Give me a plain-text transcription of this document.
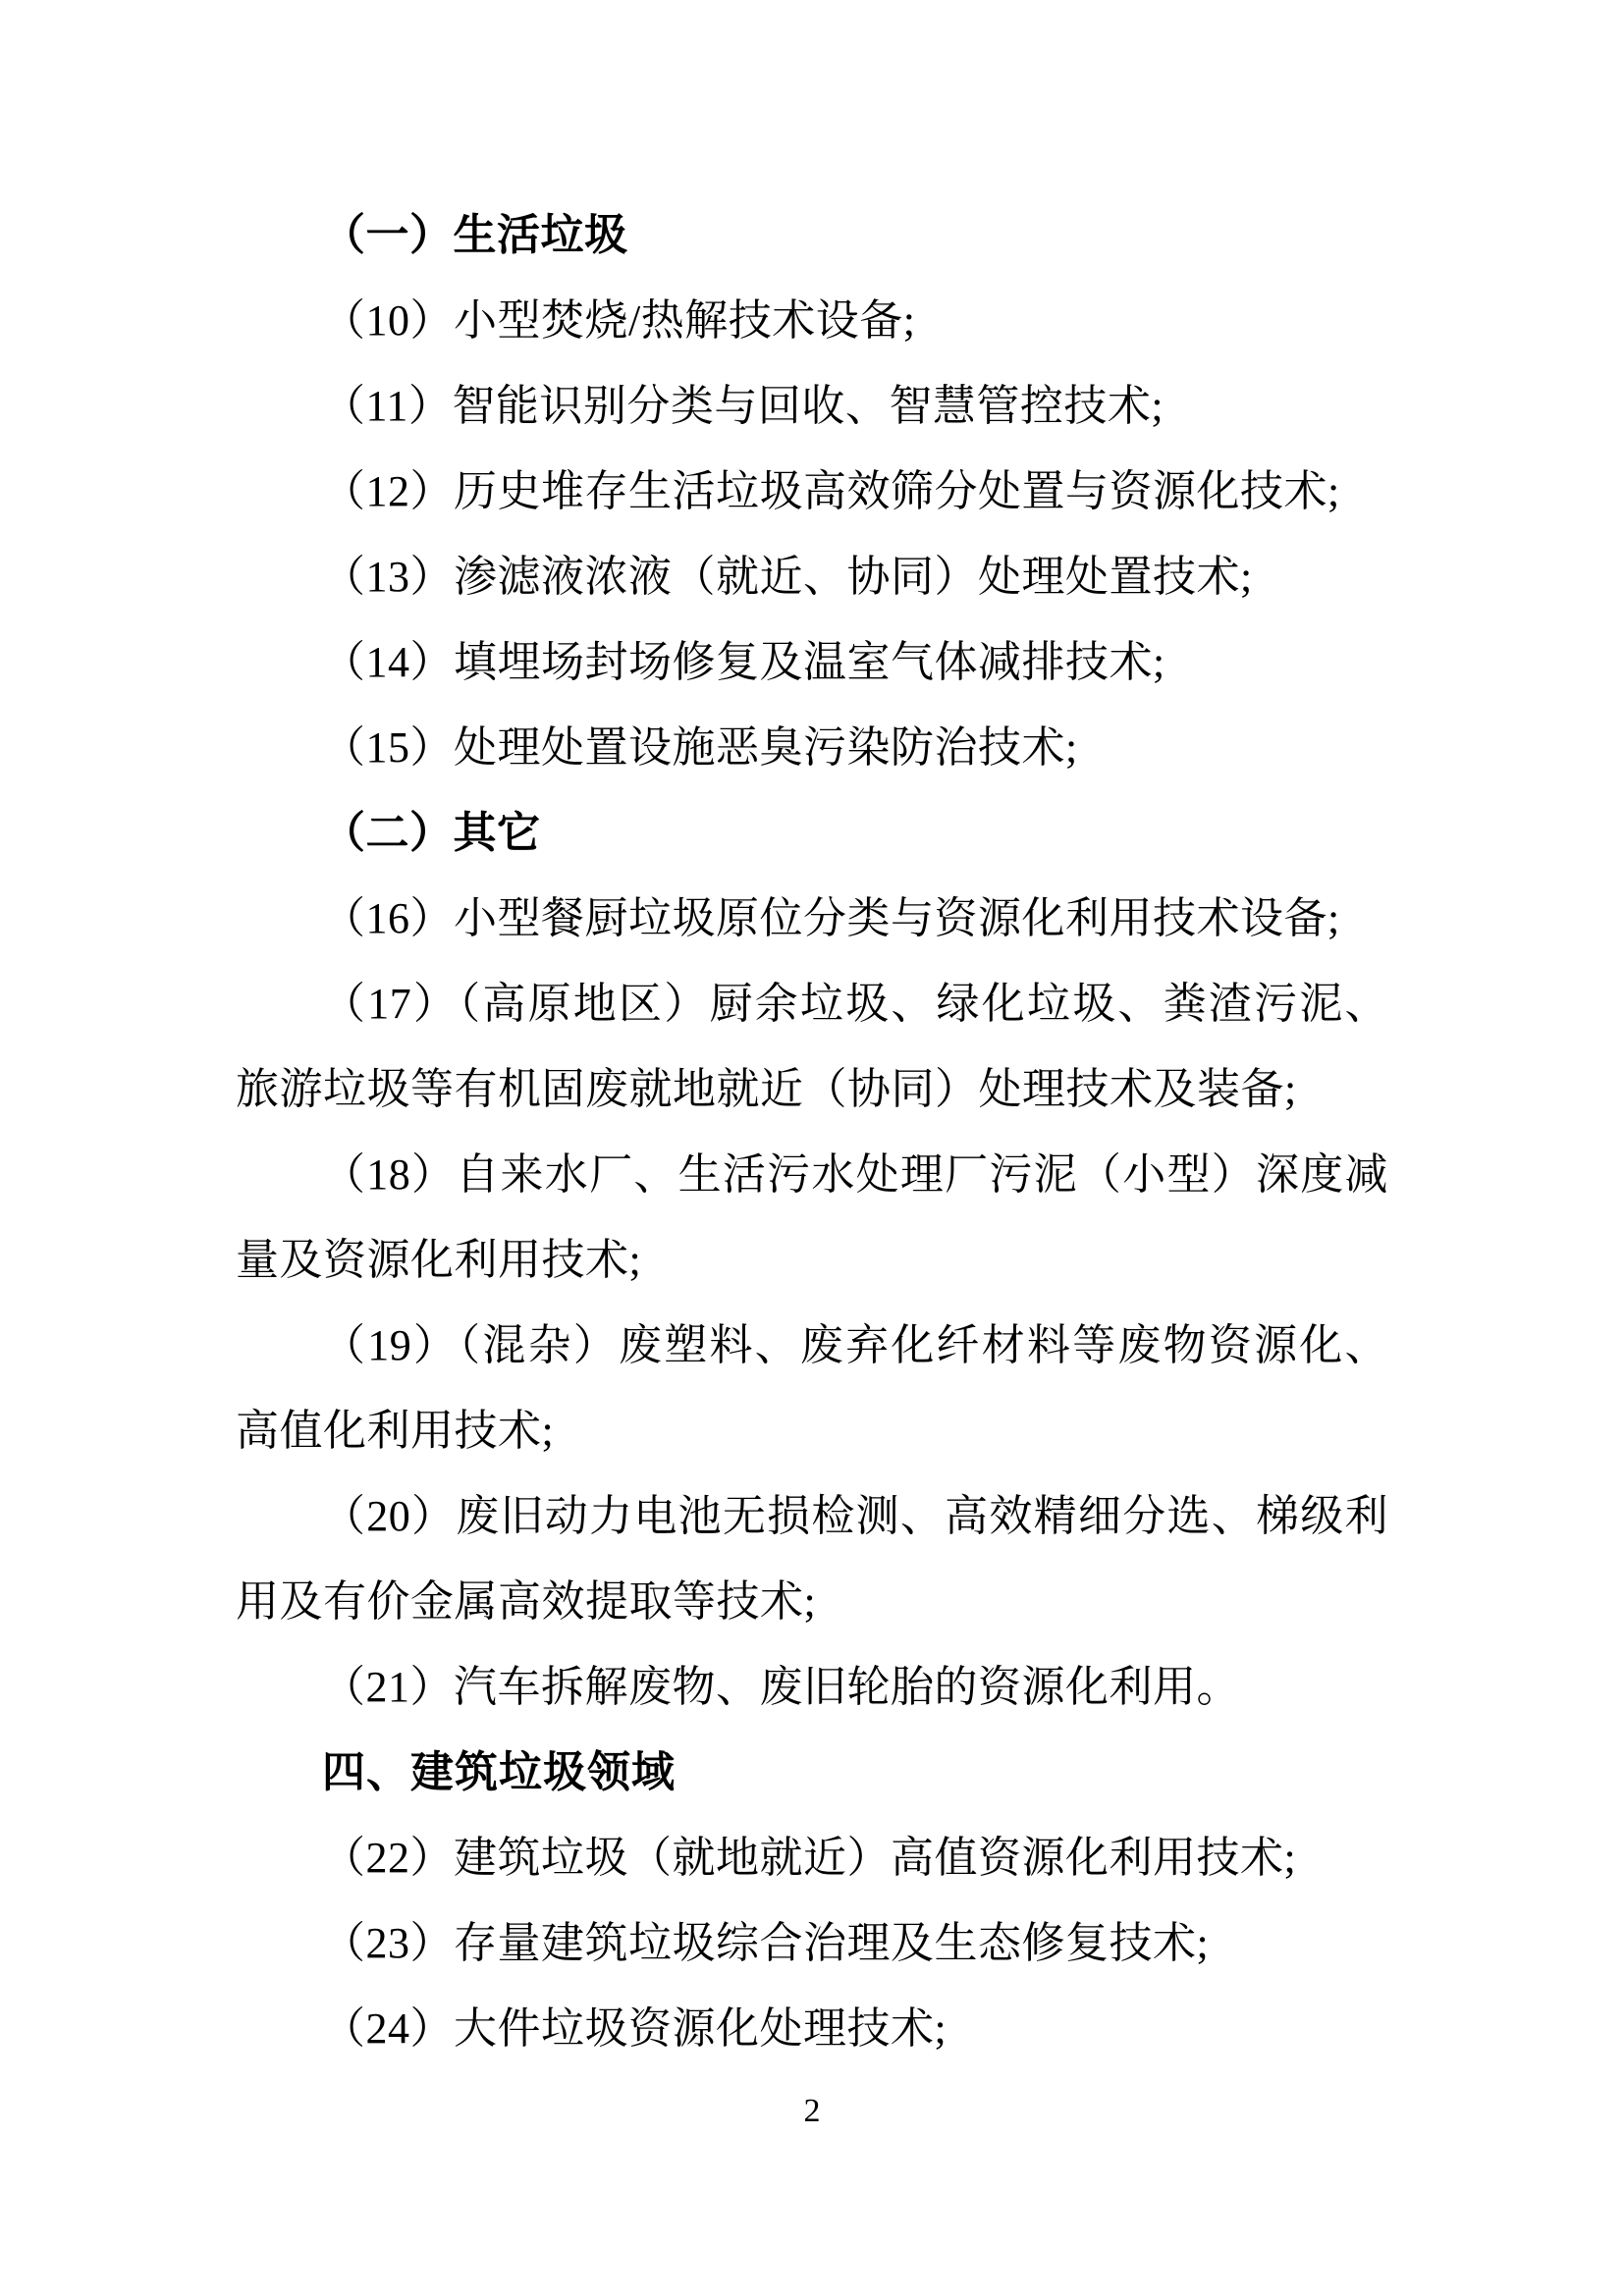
（一）生活垃圾

（10）小型焚烧/热解技术设备;

（11）智能识别分类与回收、智慧管控技术;

（12）历史堆存生活垃圾高效筛分处置与资源化技术;

（13）渗滤液浓液（就近、协同）处理处置技术;

（14）填埋场封场修复及温室气体减排技术;

（15）处理处置设施恶臭污染防治技术;

（二）其它

（16）小型餐厨垃圾原位分类与资源化利用技术设备;

（17）（高原地区）厨余垃圾、绿化垃圾、粪渣污泥、旅游垃圾等有机固废就地就近（协同）处理技术及装备;

（18）自来水厂、生活污水处理厂污泥（小型）深度减量及资源化利用技术;

（19）（混杂）废塑料、废弃化纤材料等废物资源化、高值化利用技术;

（20）废旧动力电池无损检测、高效精细分选、梯级利用及有价金属高效提取等技术;

（21）汽车拆解废物、废旧轮胎的资源化利用。

四、建筑垃圾领域

（22）建筑垃圾（就地就近）高值资源化利用技术;

（23）存量建筑垃圾综合治理及生态修复技术;

（24）大件垃圾资源化处理技术;

2
